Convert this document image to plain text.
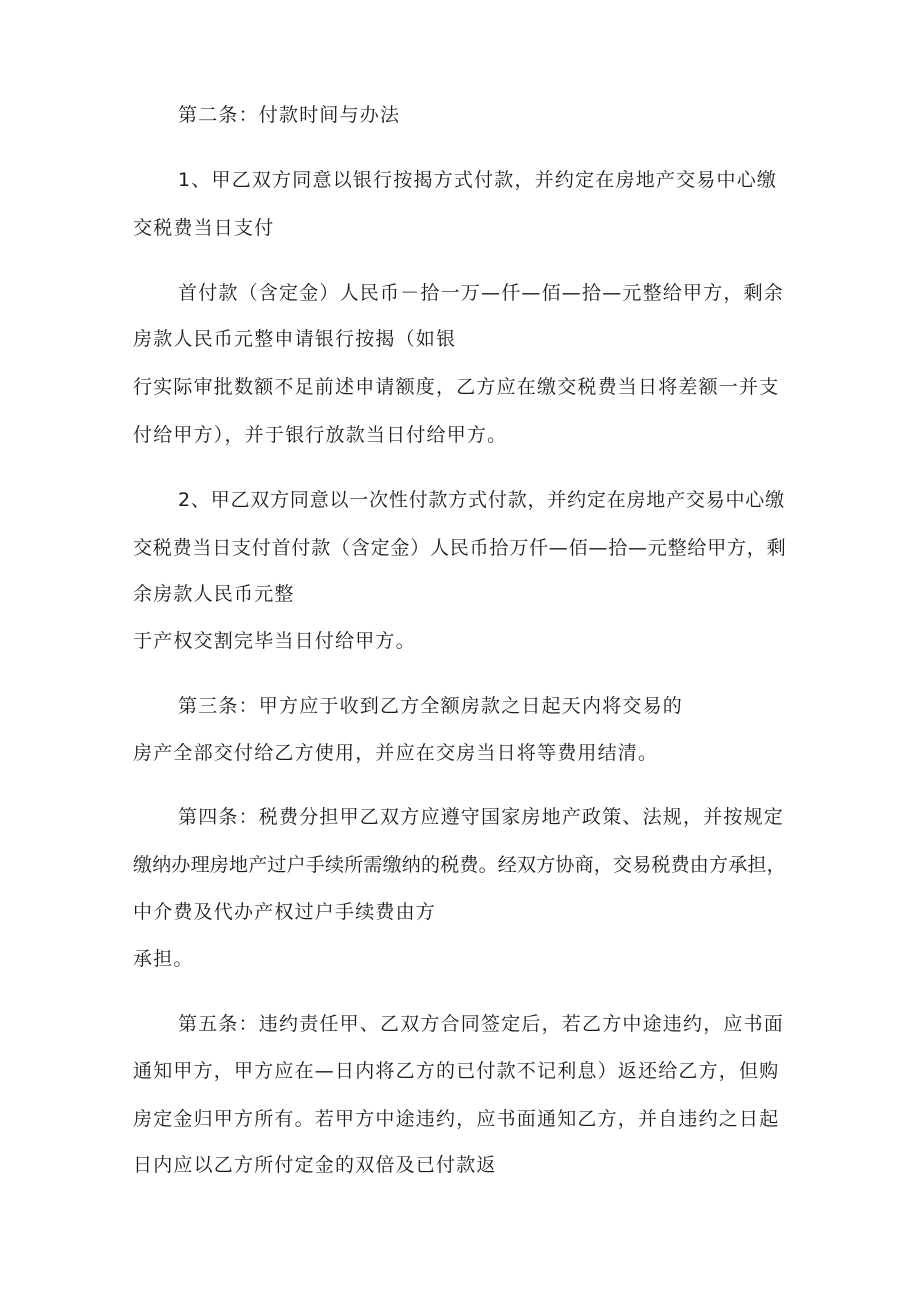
第二条：付款时间与办法

1、甲乙双方同意以银行按揭方式付款，并约定在房地产交易中心缴

交税费当日支付

首付款（含定金）人民币－拾一万—仟—佰—拾—元整给甲方，剩余

房款人民币元整申请银行按揭（如银

行实际审批数额不足前述申请额度，乙方应在缴交税费当日将差额一并支

付给甲方），并于银行放款当日付给甲方。

2、甲乙双方同意以一次性付款方式付款，并约定在房地产交易中心缴

交税费当日支付首付款（含定金）人民币拾万仟—佰—拾—元整给甲方，剩

余房款人民币元整

于产权交割完毕当日付给甲方。

第三条：甲方应于收到乙方全额房款之日起天内将交易的

房产全部交付给乙方使用，并应在交房当日将等费用结清。

第四条：税费分担甲乙双方应遵守国家房地产政策、法规，并按规定

缴纳办理房地产过户手续所需缴纳的税费。经双方协商，交易税费由方承担，

中介费及代办产权过户手续费由方

承担。

第五条：违约责任甲、乙双方合同签定后，若乙方中途违约，应书面

通知甲方，甲方应在—日内将乙方的已付款不记利息）返还给乙方，但购

房定金归甲方所有。若甲方中途违约，应书面通知乙方，并自违约之日起

日内应以乙方所付定金的双倍及已付款返
